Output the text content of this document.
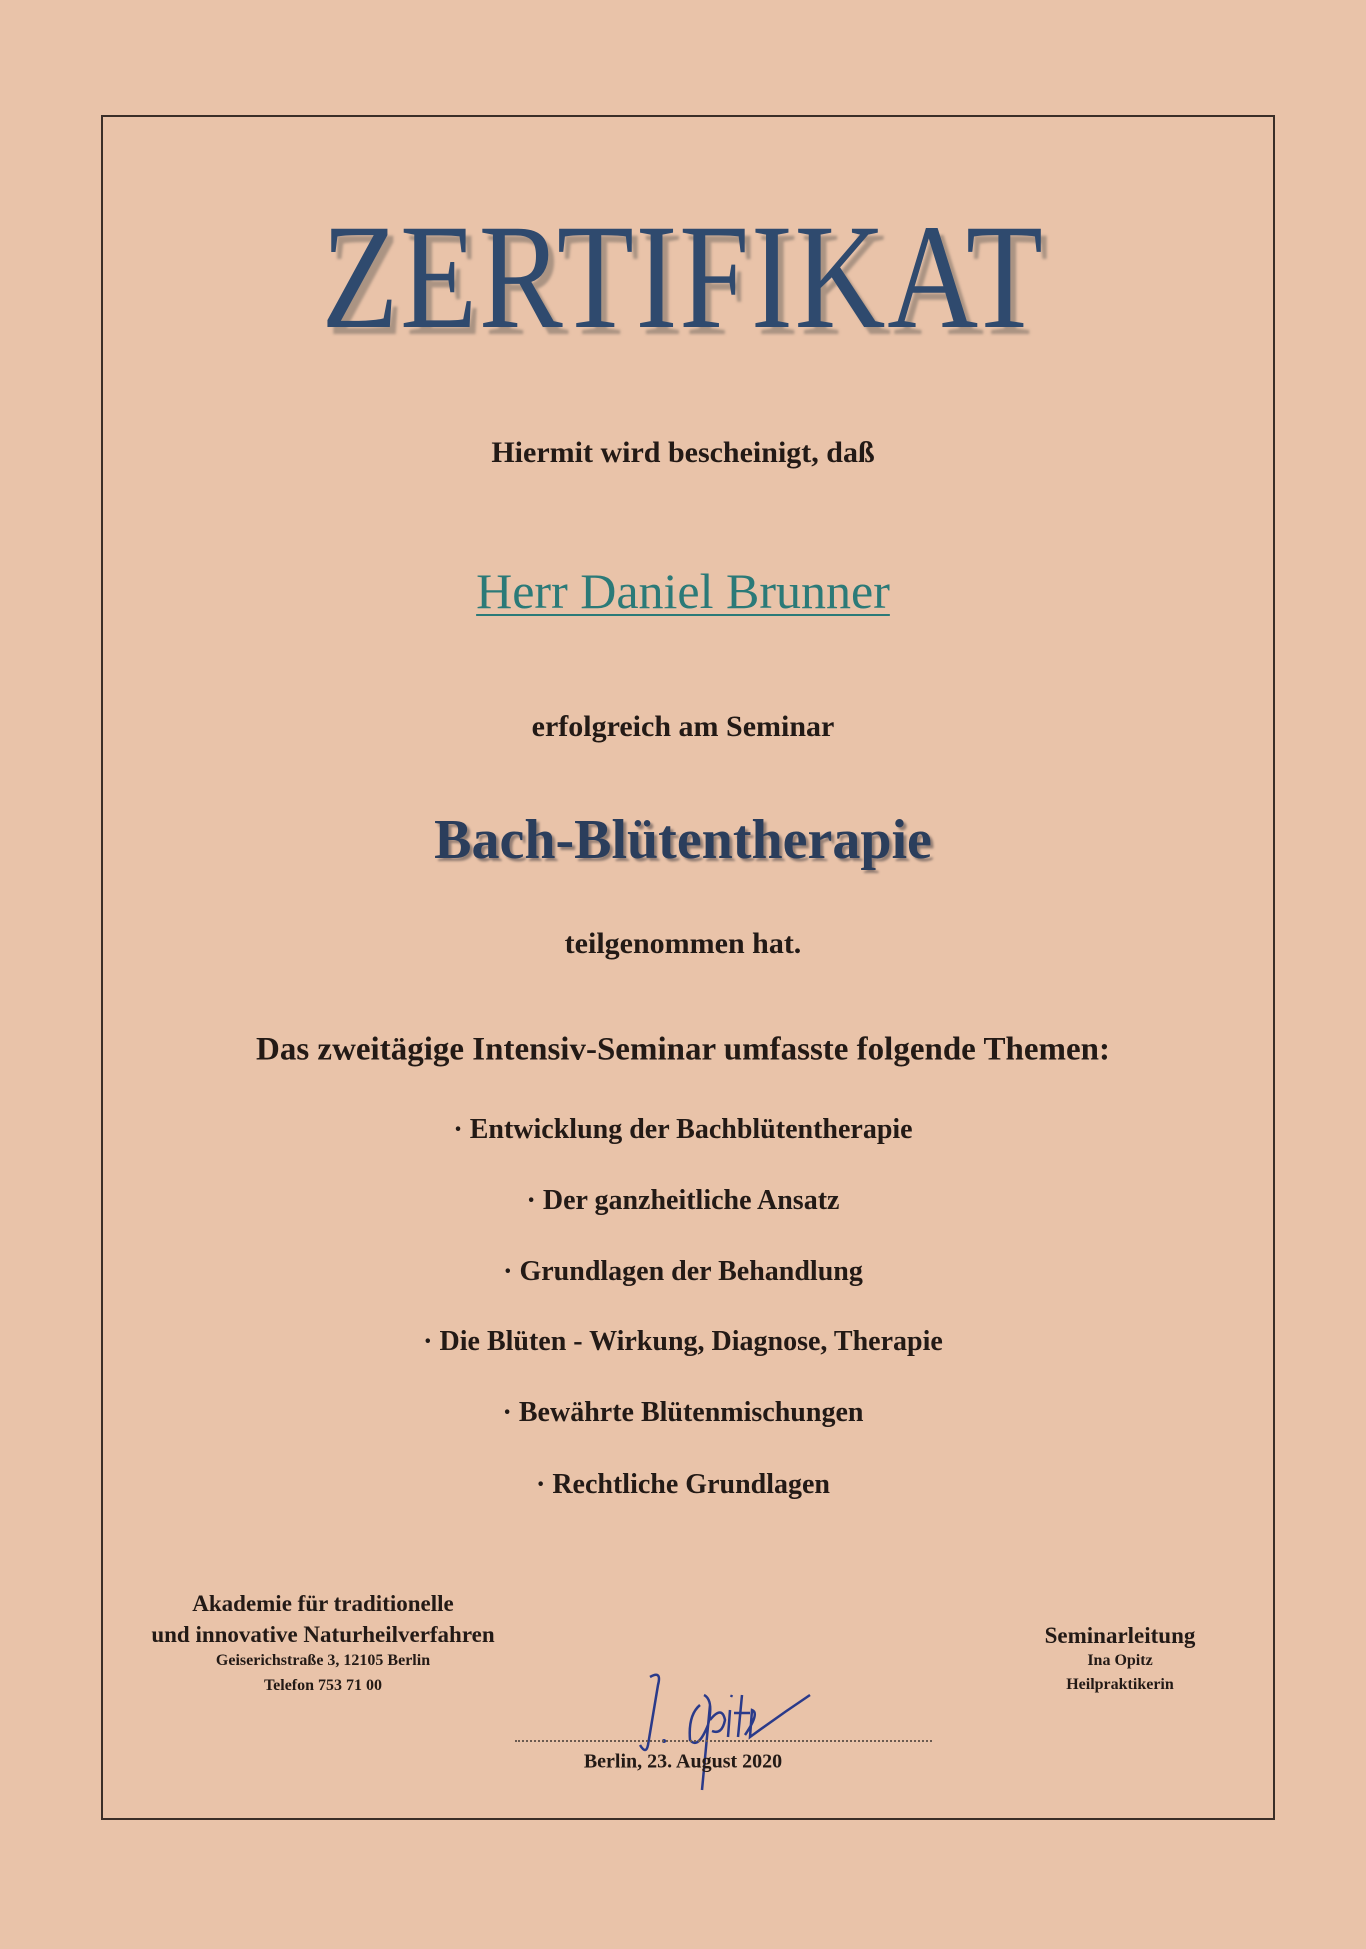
ZERTIFIKAT
Hiermit wird bescheinigt, daß
Herr Daniel Brunner
erfolgreich am Seminar
Bach-Blütentherapie
teilgenommen hat.
Das zweitägige Intensiv-Seminar umfasste folgende Themen:
· Entwicklung der Bachblütentherapie
· Der ganzheitliche Ansatz
· Grundlagen der Behandlung
· Die Blüten - Wirkung, Diagnose, Therapie
· Bewährte Blütenmischungen
· Rechtliche Grundlagen
Akademie für traditionelle
und innovative Naturheilverfahren
Geiserichstraße 3, 12105 Berlin
Telefon 753 71 00
Seminarleitung
Ina Opitz
Heilpraktikerin
Berlin, 23. August 2020
